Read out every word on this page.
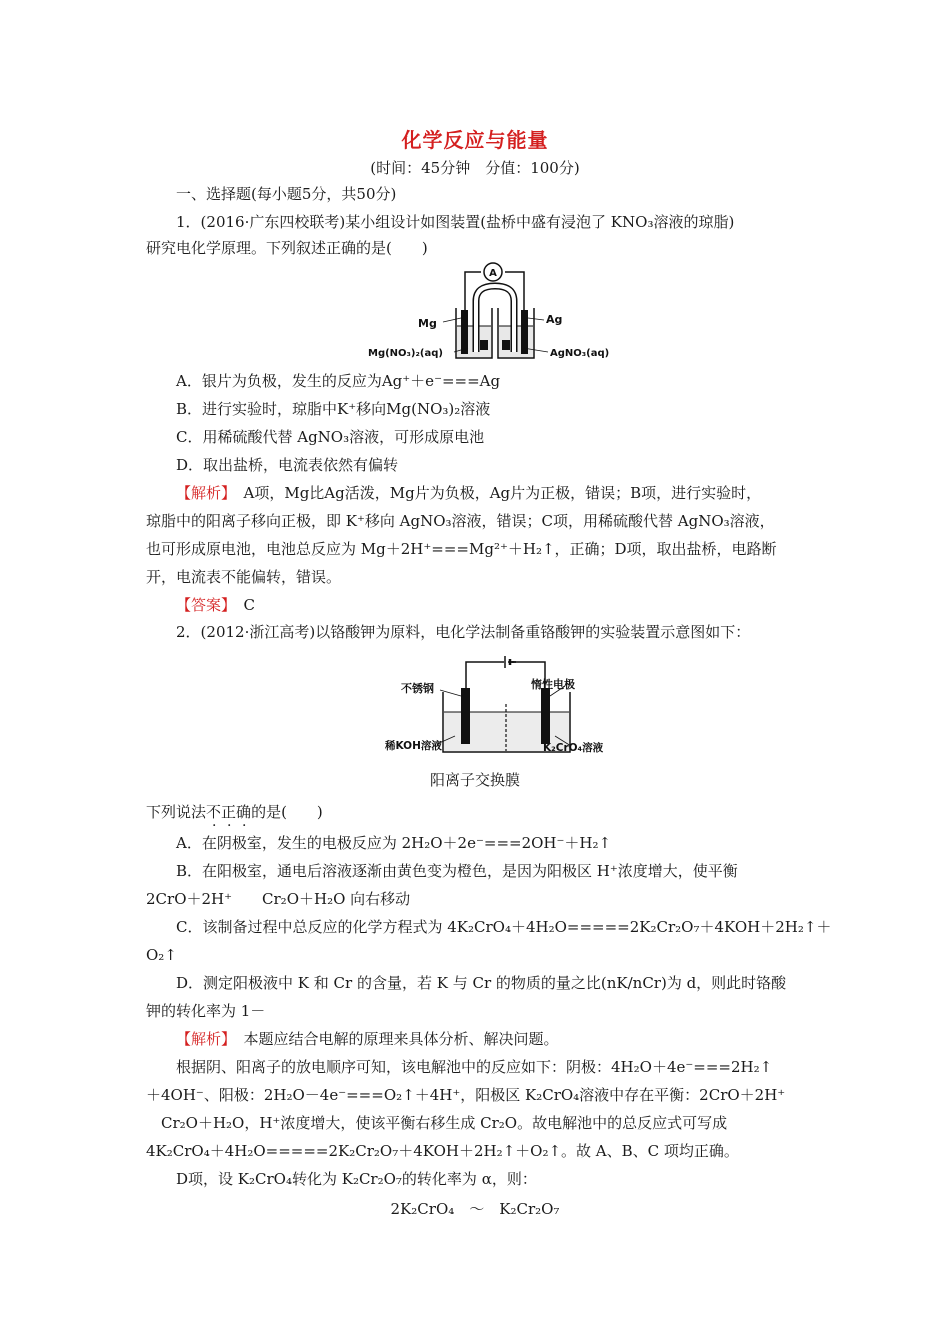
化学反应与能量
(时间：45分钟　分值：100分)
一、选择题(每小题5分，共50分)
1．(2016·广东四校联考)某小组设计如图装置(盐桥中盛有浸泡了 KNO₃溶液的琼脂)
研究电化学原理。下列叙述正确的是(　　)
A
Mg	Ag
Mg(NO₃)₂(aq)	AgNO₃(aq)
A．银片为负极，发生的反应为Ag⁺＋e⁻===Ag
B．进行实验时，琼脂中K⁺移向Mg(NO₃)₂溶液
C．用稀硫酸代替 AgNO₃溶液，可形成原电池
D．取出盐桥，电流表依然有偏转
【解析】　A项，Mg比Ag活泼，Mg片为负极，Ag片为正极，错误；B项，进行实验时，
琼脂中的阳离子移向正极，即 K⁺移向 AgNO₃溶液，错误；C项，用稀硫酸代替 AgNO₃溶液，
也可形成原电池，电池总反应为 Mg＋2H⁺===Mg²⁺＋H₂↑，正确；D项，取出盐桥，电路断
开，电流表不能偏转，错误。
【答案】　C
2．(2012·浙江高考)以铬酸钾为原料，电化学法制备重铬酸钾的实验装置示意图如下：
不锈钢	惰性电极
稀KOH溶液	K₂CrO₄溶液
阳离子交换膜
下列说法不正确的是(　　)
A．在阴极室，发生的电极反应为 2H₂O＋2e⁻===2OH⁻＋H₂↑
B．在阳极室，通电后溶液逐渐由黄色变为橙色，是因为阳极区 H⁺浓度增大，使平衡
2CrO＋2H⁺　　Cr₂O＋H₂O 向右移动
C．该制备过程中总反应的化学方程式为 4K₂CrO₄＋4H₂O=====2K₂Cr₂O₇＋4KOH＋2H₂↑＋
O₂↑
D．测定阳极液中 K 和 Cr 的含量，若 K 与 Cr 的物质的量之比(nK/nCr)为 d，则此时铬酸
钾的转化率为 1－
【解析】　本题应结合电解的原理来具体分析、解决问题。
根据阴、阳离子的放电顺序可知，该电解池中的反应如下：阴极：4H₂O＋4e⁻===2H₂↑
＋4OH⁻、阳极：2H₂O－4e⁻===O₂↑＋4H⁺，阳极区 K₂CrO₄溶液中存在平衡：2CrO＋2H⁺
　Cr₂O＋H₂O，H⁺浓度增大，使该平衡右移生成 Cr₂O。故电解池中的总反应式可写成
4K₂CrO₄＋4H₂O=====2K₂Cr₂O₇＋4KOH＋2H₂↑＋O₂↑。故 A、B、C 项均正确。
D项，设 K₂CrO₄转化为 K₂Cr₂O₇的转化率为 α，则：
2K₂CrO₄　～　K₂Cr₂O₇
